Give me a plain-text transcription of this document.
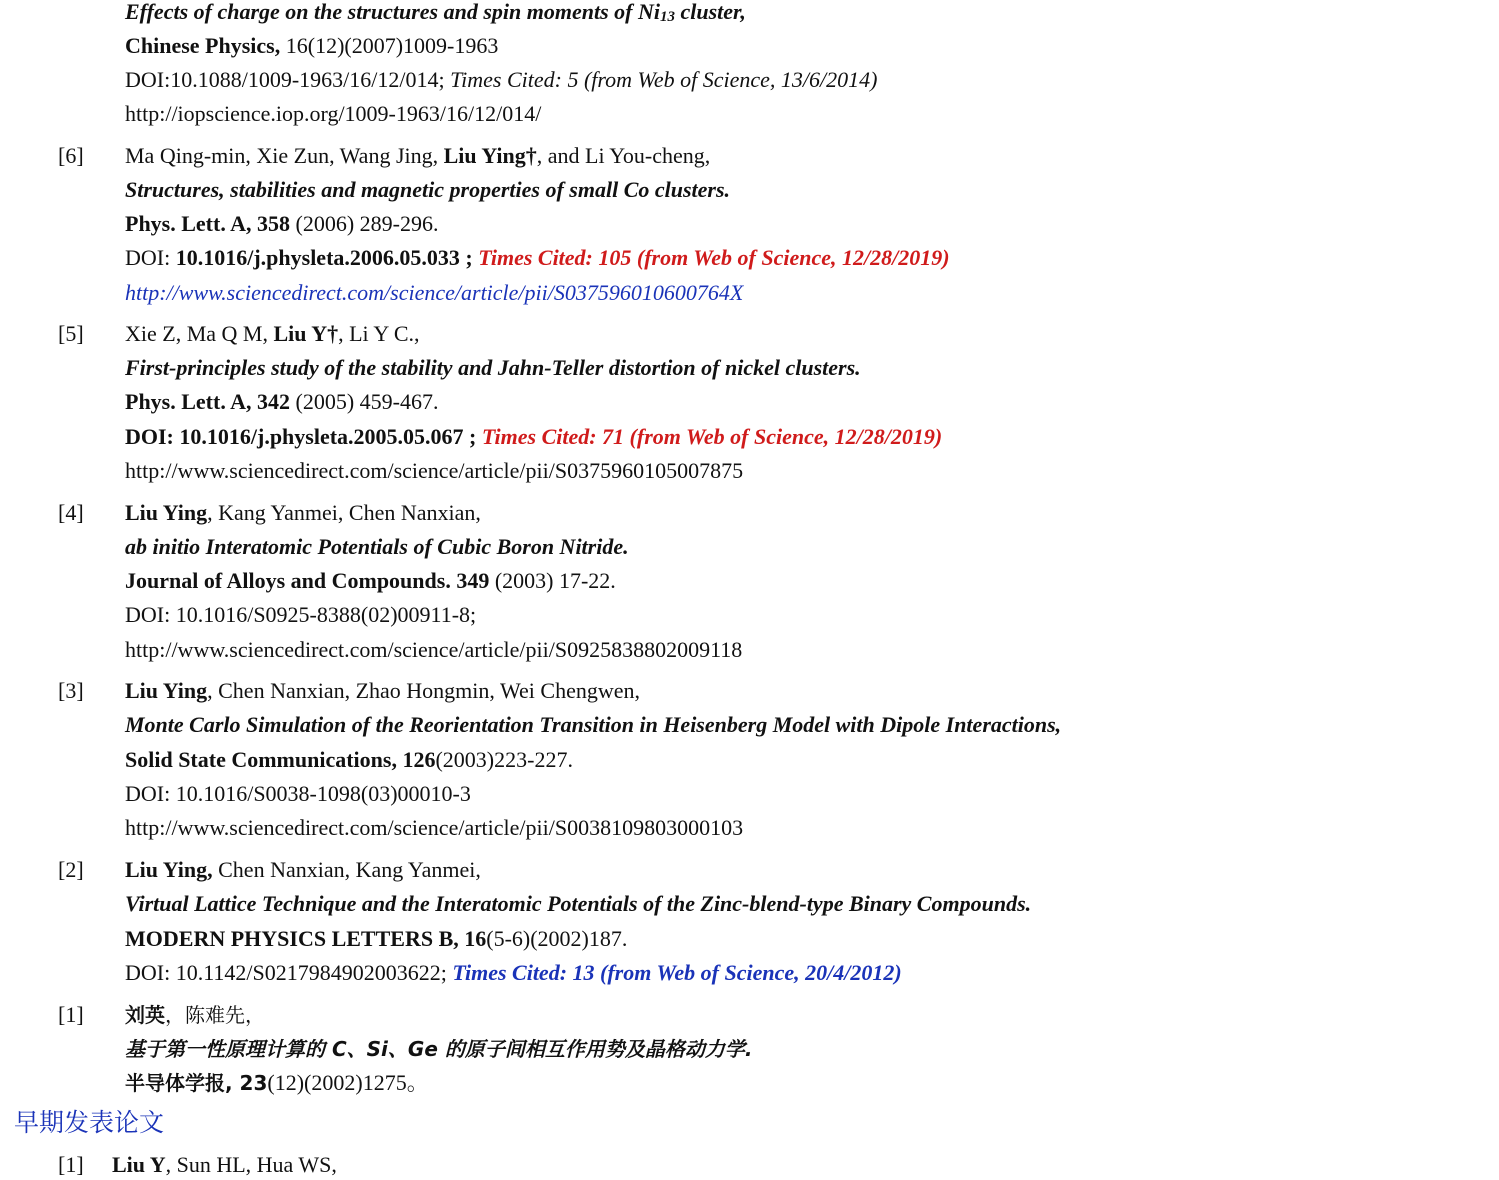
Effects of charge on the structures and spin moments of Ni13 cluster,
Chinese Physics, 16(12)(2007)1009-1963
DOI:10.1088/1009-1963/16/12/014; Times Cited: 5 (from Web of Science, 13/6/2014)
http://iopscience.iop.org/1009-1963/16/12/014/
[6] Ma Qing-min, Xie Zun, Wang Jing, Liu Ying†, and Li You-cheng,
Structures, stabilities and magnetic properties of small Co clusters.
Phys. Lett. A, 358 (2006) 289-296.
DOI: 10.1016/j.physleta.2006.05.033 ; Times Cited: 105 (from Web of Science, 12/28/2019)
http://www.sciencedirect.com/science/article/pii/S037596010600764X
[5] Xie Z, Ma Q M, Liu Y†, Li Y C.,
First-principles study of the stability and Jahn-Teller distortion of nickel clusters.
Phys. Lett. A, 342 (2005) 459-467.
DOI: 10.1016/j.physleta.2005.05.067 ; Times Cited: 71 (from Web of Science, 12/28/2019)
http://www.sciencedirect.com/science/article/pii/S0375960105007875
[4] Liu Ying, Kang Yanmei, Chen Nanxian,
ab initio Interatomic Potentials of Cubic Boron Nitride.
Journal of Alloys and Compounds. 349 (2003) 17-22.
DOI: 10.1016/S0925-8388(02)00911-8;
http://www.sciencedirect.com/science/article/pii/S0925838802009118
[3] Liu Ying, Chen Nanxian, Zhao Hongmin, Wei Chengwen,
Monte Carlo Simulation of the Reorientation Transition in Heisenberg Model with Dipole Interactions,
Solid State Communications, 126(2003)223-227.
DOI: 10.1016/S0038-1098(03)00010-3
http://www.sciencedirect.com/science/article/pii/S0038109803000103
[2] Liu Ying, Chen Nanxian, Kang Yanmei,
Virtual Lattice Technique and the Interatomic Potentials of the Zinc-blend-type Binary Compounds.
MODERN PHYSICS LETTERS B, 16(5-6)(2002)187.
DOI: 10.1142/S0217984902003622; Times Cited: 13 (from Web of Science, 20/4/2012)
[1] 刘英，陈难先，
基于第一性原理计算的 C、Si、Ge 的原子间相互作用势及晶格动力学.
半导体学报, 23(12)(2002)1275。
早期发表论文
[1] Liu Y, Sun HL, Hua WS,
